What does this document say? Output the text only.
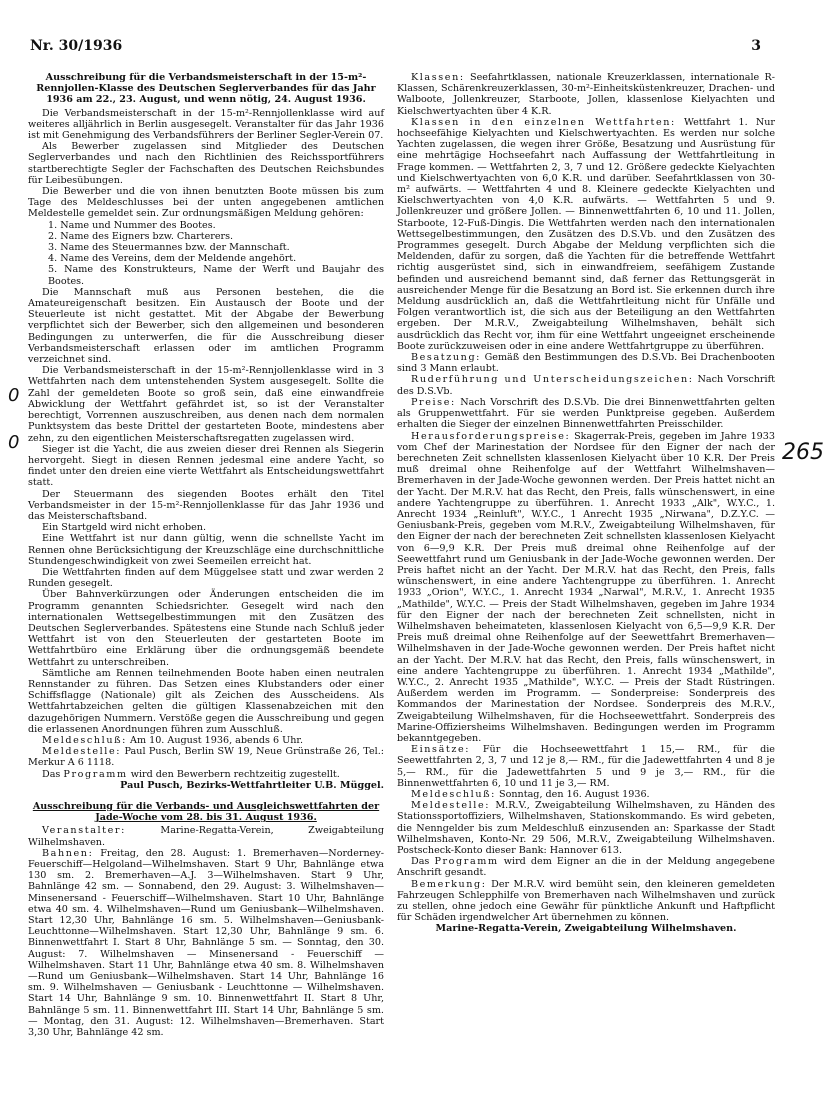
Nr. 30/1936	3
0
0	265
Ausschreibung für die Verbandsmeisterschaft in der 15-m²-Rennjollen-Klasse des Deutschen Seglerverbandes für das Jahr 1936 am 22., 23. August, und wenn nötig, 24. August 1936.

Die Verbandsmeisterschaft in der 15-m²-Rennjollenklasse wird auf weiteres alljährlich in Berlin ausgesegelt. Veranstalter für das Jahr 1936 ist mit Genehmigung des Verbandsführers der Berliner Segler-Verein 07.

Als Bewerber zugelassen sind Mitglieder des Deutschen Seglerverbandes und nach den Richtlinien des Reichssportführers startberechtigte Segler der Fachschaften des Deutschen Reichsbundes für Leibesübungen.

Die Bewerber und die von ihnen benutzten Boote müssen bis zum Tage des Meldeschlusses bei der unten angegebenen amtlichen Meldestelle gemeldet sein. Zur ordnungsmäßigen Meldung gehören:

1. Name und Nummer des Bootes.
2. Name des Eigners bzw. Charterers.
3. Name des Steuermannes bzw. der Mannschaft.
4. Name des Vereins, dem der Meldende angehört.
5. Name des Konstrukteurs, Name der Werft und Baujahr des Bootes.

Die Mannschaft muß aus Personen bestehen, die die Amateureigenschaft besitzen. Ein Austausch der Boote und der Steuerleute ist nicht gestattet. Mit der Abgabe der Bewerbung verpflichtet sich der Bewerber, sich den allgemeinen und besonderen Bedingungen zu unterwerfen, die für die Ausschreibung dieser Verbandsmeisterschaft erlassen oder im amtlichen Programm verzeichnet sind.

Die Verbandsmeisterschaft in der 15-m²-Rennjollenklasse wird in 3 Wettfahrten nach dem untenstehenden System ausgesegelt. Sollte die Zahl der gemeldeten Boote so groß sein, daß eine einwandfreie Abwicklung der Wettfahrt gefährdet ist, so ist der Veranstalter berechtigt, Vorrennen auszuschreiben, aus denen nach dem normalen Punktsystem das beste Drittel der gestarteten Boote, mindestens aber zehn, zu den eigentlichen Meisterschaftsregatten zugelassen wird.

Sieger ist die Yacht, die aus zweien dieser drei Rennen als Siegerin hervorgeht. Siegt in diesen Rennen jedesmal eine andere Yacht, so findet unter den dreien eine vierte Wettfahrt als Entscheidungswettfahrt statt.

Der Steuermann des siegenden Bootes erhält den Titel Verbandsmeister in der 15-m²-Rennjollenklasse für das Jahr 1936 und das Meisterschaftsband.

Ein Startgeld wird nicht erhoben.

Eine Wettfahrt ist nur dann gültig, wenn die schnellste Yacht im Rennen ohne Berücksichtigung der Kreuzschläge eine durchschnittliche Stundengeschwindigkeit von zwei Seemeilen erreicht hat.

Die Wettfahrten finden auf dem Müggelsee statt und zwar werden 2 Runden gesegelt.

Über Bahnverkürzungen oder Änderungen entscheiden die im Programm genannten Schiedsrichter. Gesegelt wird nach den internationalen Wettsegelbestimmungen mit den Zusätzen des Deutschen Seglerverbandes. Spätestens eine Stunde nach Schluß jeder Wettfahrt ist von den Steuerleuten der gestarteten Boote im Wettfahrtbüro eine Erklärung über die ordnungsgemäß beendete Wettfahrt zu unterschreiben.

Sämtliche am Rennen teilnehmenden Boote haben einen neutralen Rennstander zu führen. Das Setzen eines Klubstanders oder einer Schiffsflagge (Nationale) gilt als Zeichen des Ausscheidens. Als Wettfahrtabzeichen gelten die gültigen Klassenabzeichen mit den dazugehörigen Nummern. Verstöße gegen die Ausschreibung und gegen die erlassenen Anordnungen führen zum Ausschluß.

Meldeschluß: Am 10. August 1936, abends 6 Uhr.

Meldestelle: Paul Pusch, Berlin SW 19, Neue Grünstraße 26, Tel.: Merkur A 6 1118.

Das Programm wird den Bewerbern rechtzeitig zugestellt.

Paul Pusch, Bezirks-Wettfahrtleiter U.B. Müggel.

Ausschreibung für die Verbands- und Ausgleichswettfahrten der Jade-Woche vom 28. bis 31. August 1936.

Veranstalter:	Marine-Regatta-Verein, Zweigabteilung Wilhelmshaven.

Bahnen: Freitag, den 28. August: 1. Bremerhaven—Norderney-Feuerschiff—Helgoland—Wilhelmshaven. Start 9 Uhr, Bahnlänge etwa 130 sm. 2. Bremerhaven—A.J. 3—Wilhelmshaven. Start 9 Uhr, Bahnlänge 42 sm. — Sonnabend, den 29. August: 3. Wilhelmshaven—Minsenersand - Feuerschiff—Wilhelmshaven. Start 10 Uhr, Bahnlänge etwa 40 sm. 4. Wilhelmshaven—Rund um Geniusbank—Wilhelmshaven. Start 12,30 Uhr, Bahnlänge 16 sm. 5. Wilhelmshaven—Geniusbank-Leuchttonne—Wilhelmshaven. Start 12,30 Uhr, Bahnlänge 9 sm. 6. Binnenwettfahrt I. Start 8 Uhr, Bahnlänge 5 sm. — Sonntag, den 30. August: 7. Wilhelmshaven — Minsenersand - Feuerschiff — Wilhelmshaven. Start 11 Uhr, Bahnlänge etwa 40 sm. 8. Wilhelmshaven—Rund um Geniusbank—Wilhelmshaven. Start 14 Uhr, Bahnlänge 16 sm. 9. Wilhelmshaven — Geniusbank - Leuchttonne — Wilhelmshaven. Start 14 Uhr, Bahnlänge 9 sm. 10. Binnenwettfahrt II. Start 8 Uhr, Bahnlänge 5 sm. 11. Binnenwettfahrt III. Start 14 Uhr, Bahnlänge 5 sm. — Montag, den 31. August: 12. Wilhelmshaven—Bremerhaven. Start 3,30 Uhr, Bahnlänge 42 sm.

Klassen: Seefahrtklassen, nationale Kreuzerklassen, internationale R-Klassen, Schärenkreuzerklassen, 30-m²-Einheitsküstenkreuzer, Drachen- und Walboote, Jollenkreuzer, Starboote, Jollen, klassenlose Kielyachten und Kielschwertyachten über 4 K.R.

Klassen in den einzelnen Wettfahrten: Wettfahrt 1. Nur hochseefähige Kielyachten und Kielschwertyachten. Es werden nur solche Yachten zugelassen, die wegen ihrer Größe, Besatzung und Ausrüstung für eine mehrtägige Hochseefahrt nach Auffassung der Wettfahrtleitung in Frage kommen. — Wettfahrten 2, 3, 7 und 12. Größere gedeckte Kielyachten und Kielschwertyachten von 6,0 K.R. und darüber. Seefahrtklassen von 30-m² aufwärts. — Wettfahrten 4 und 8. Kleinere gedeckte Kielyachten und Kielschwertyachten von 4,0 K.R. aufwärts. — Wettfahrten 5 und 9. Jollenkreuzer und größere Jollen. — Binnenwettfahrten 6, 10 und 11. Jollen, Starboote, 12-Fuß-Dingis. Die Wettfahrten werden nach den internationalen Wettsegelbestimmungen, den Zusätzen des D.S.Vb. und den Zusätzen des Programmes gesegelt. Durch Abgabe der Meldung verpflichten sich die Meldenden, dafür zu sorgen, daß die Yachten für die betreffende Wettfahrt richtig ausgerüstet sind, sich in einwandfreiem, seefähigem Zustande befinden und ausreichend bemannt sind, daß ferner das Rettungsgerät in ausreichender Menge für die Besatzung an Bord ist. Sie erkennen durch ihre Meldung ausdrücklich an, daß die Wettfahrtleitung nicht für Unfälle und Folgen verantwortlich ist, die sich aus der Beteiligung an den Wettfahrten ergeben. Der M.R.V., Zweigabteilung Wilhelmshaven, behält sich ausdrücklich das Recht vor, ihm für eine Wettfahrt ungeeignet erscheinende Boote zurückzuweisen oder in eine andere Wettfahrtgruppe zu überführen.

Besatzung: Gemäß den Bestimmungen des D.S.Vb. Bei Drachenbooten sind 3 Mann erlaubt.

Ruderführung und Unterscheidungszeichen: Nach Vorschrift des D.S.Vb.

Preise: Nach Vorschrift des D.S.Vb. Die drei Binnenwettfahrten gelten als Gruppenwettfahrt. Für sie werden Punktpreise gegeben. Außerdem erhalten die Sieger der einzelnen Binnenwettfahrten Preisschilder.

Herausforderungspreise: Skagerrak-Preis, gegeben im Jahre 1933 vom Chef der Marinestation der Nordsee für den Eigner der nach der berechneten Zeit schnellsten klassenlosen Kielyacht über 10 K.R. Der Preis muß dreimal ohne Reihenfolge auf der Wettfahrt Wilhelmshaven—Bremerhaven in der Jade-Woche gewonnen werden. Der Preis hattet nicht an der Yacht. Der M.R.V. hat das Recht, den Preis, falls wünschenswert, in eine andere Yachtengruppe zu überführen. 1. Anrecht 1933 „Alk", W.Y.C., 1. Anrecht 1934 „Reinluft", W.Y.C., 1 Anrecht 1935 „Nirwana", D.Z.Y.C. — Geniusbank-Preis, gegeben vom M.R.V., Zweigabteilung Wilhelmshaven, für den Eigner der nach der berechneten Zeit schnellsten klassenlosen Kielyacht von 6—9,9 K.R. Der Preis muß dreimal ohne Reihenfolge auf der Seewettfahrt rund um Geniusbank in der Jade-Woche gewonnen werden. Der Preis haftet nicht an der Yacht. Der M.R.V. hat das Recht, den Preis, falls wünschenswert, in eine andere Yachtengruppe zu überführen. 1. Anrecht 1933 „Orion", W.Y.C., 1. Anrecht 1934 „Narwal", M.R.V., 1. Anrecht 1935 „Mathilde", W.Y.C. — Preis der Stadt Wilhelmshaven, gegeben im Jahre 1934 für den Eigner der nach der berechneten Zeit schnellsten, nicht in Wilhelmshaven beheimateten, klassenlosen Kielyacht von 6,5—9,9 K.R. Der Preis muß dreimal ohne Reihenfolge auf der Seewettfahrt Bremerhaven—Wilhelmshaven in der Jade-Woche gewonnen werden. Der Preis haftet nicht an der Yacht. Der M.R.V. hat das Recht, den Preis, falls wünschenswert, in eine andere Yachtengruppe zu überführen. 1. Anrecht 1934 „Mathilde", W.Y.C., 2. Anrecht 1935 „Mathilde", W.Y.C. — Preis der Stadt Rüstringen. Außerdem werden im Programm. — Sonderpreise: Sonderpreis des Kommandos der Marinestation der Nordsee. Sonderpreis des M.R.V., Zweigabteilung Wilhelmshaven, für die Hochseewettfahrt. Sonderpreis des Marine-Offiziersheims Wilhelmshaven. Bedingungen werden im Programm bekanntgegeben.

Einsätze: Für die Hochseewettfahrt 1 15,— RM., für die Seewettfahrten 2, 3, 7 und 12 je 8,— RM., für die Jadewettfahrten 4 und 8 je 5,— RM., für die Jadewettfahrten 5 und 9 je 3,— RM., für die Binnenwettfahrten 6, 10 und 11 je 3,— RM.

Meldeschluß: Sonntag, den 16. August 1936.

Meldestelle: M.R.V., Zweigabteilung Wilhelmshaven, zu Händen des Stationssportoffiziers, Wilhelmshaven, Stationskommando. Es wird gebeten, die Nenngelder bis zum Meldeschluß einzusenden an: Sparkasse der Stadt Wilhelmshaven, Konto-Nr. 29 506, M.R.V., Zweigabteilung Wilhelmshaven. Postscheck-Konto dieser Bank: Hannover 613.

Das Programm wird dem Eigner an die in der Meldung angegebene Anschrift gesandt.

Bemerkung: Der M.R.V. wird bemüht sein, den kleineren gemeldeten Fahrzeugen Schlepphilfe von Bremerhaven nach Wilhelmshaven und zurück zu stellen, ohne jedoch eine Gewähr für pünktliche Ankunft und Haftpflicht für Schäden irgendwelcher Art übernehmen zu können.

Marine-Regatta-Verein, Zweigabteilung Wilhelmshaven.
